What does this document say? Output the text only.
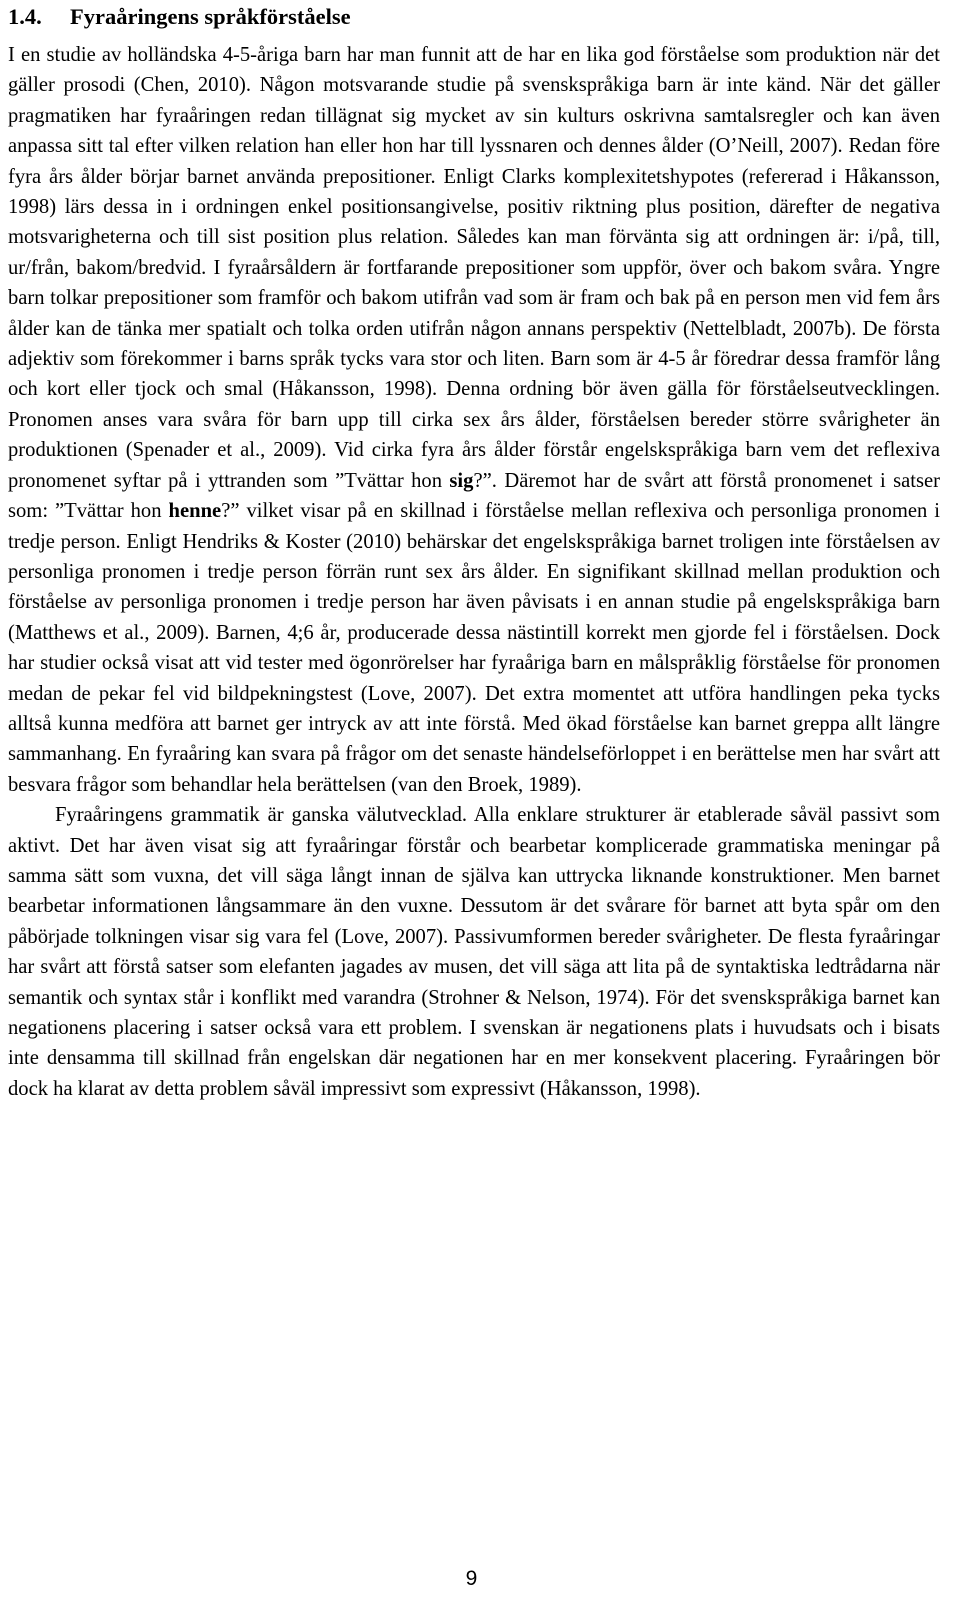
1.4. Fyraåringens språkförståelse

I en studie av holländska 4-5-åriga barn har man funnit att de har en lika god förståelse som produktion när det gäller prosodi (Chen, 2010). Någon motsvarande studie på svenskspråkiga barn är inte känd. När det gäller pragmatiken har fyraåringen redan tillägnat sig mycket av sin kulturs oskrivna samtalsregler och kan även anpassa sitt tal efter vilken relation han eller hon har till lyssnaren och dennes ålder (O’Neill, 2007). Redan före fyra års ålder börjar barnet använda prepositioner. Enligt Clarks komplexitetshypotes (refererad i Håkansson, 1998) lärs dessa in i ordningen enkel positionsangivelse, positiv riktning plus position, därefter de negativa motsvarigheterna och till sist position plus relation. Således kan man förvänta sig att ordningen är: i/på, till, ur/från, bakom/bredvid. I fyraårsåldern är fortfarande prepositioner som uppför, över och bakom svåra. Yngre barn tolkar prepositioner som framför och bakom utifrån vad som är fram och bak på en person men vid fem års ålder kan de tänka mer spatialt och tolka orden utifrån någon annans perspektiv (Nettelbladt, 2007b). De första adjektiv som förekommer i barns språk tycks vara stor och liten. Barn som är 4-5 år föredrar dessa framför lång och kort eller tjock och smal (Håkansson, 1998). Denna ordning bör även gälla för förståelseutvecklingen. Pronomen anses vara svåra för barn upp till cirka sex års ålder, förståelsen bereder större svårigheter än produktionen (Spenader et al., 2009). Vid cirka fyra års ålder förstår engelskspråkiga barn vem det reflexiva pronomenet syftar på i yttranden som ”Tvättar hon sig?”. Däremot har de svårt att förstå pronomenet i satser som: ”Tvättar hon henne?” vilket visar på en skillnad i förståelse mellan reflexiva och personliga pronomen i tredje person. Enligt Hendriks & Koster (2010) behärskar det engelskspråkiga barnet troligen inte förståelsen av personliga pronomen i tredje person förrän runt sex års ålder. En signifikant skillnad mellan produktion och förståelse av personliga pronomen i tredje person har även påvisats i en annan studie på engelskspråkiga barn (Matthews et al., 2009). Barnen, 4;6 år, producerade dessa nästintill korrekt men gjorde fel i förståelsen. Dock har studier också visat att vid tester med ögonrörelser har fyraåriga barn en målspråklig förståelse för pronomen medan de pekar fel vid bildpekningstest (Love, 2007). Det extra momentet att utföra handlingen peka tycks alltså kunna medföra att barnet ger intryck av att inte förstå. Med ökad förståelse kan barnet greppa allt längre sammanhang. En fyraåring kan svara på frågor om det senaste händelseförloppet i en berättelse men har svårt att besvara frågor som behandlar hela berättelsen (van den Broek, 1989).

Fyraåringens grammatik är ganska välutvecklad. Alla enklare strukturer är etablerade såväl passivt som aktivt. Det har även visat sig att fyraåringar förstår och bearbetar komplicerade grammatiska meningar på samma sätt som vuxna, det vill säga långt innan de själva kan uttrycka liknande konstruktioner. Men barnet bearbetar informationen långsammare än den vuxne. Dessutom är det svårare för barnet att byta spår om den påbörjade tolkningen visar sig vara fel (Love, 2007). Passivumformen bereder svårigheter. De flesta fyraåringar har svårt att förstå satser som elefanten jagades av musen, det vill säga att lita på de syntaktiska ledtrådarna när semantik och syntax står i konflikt med varandra (Strohner & Nelson, 1974). För det svenskspråkiga barnet kan negationens placering i satser också vara ett problem. I svenskan är negationens plats i huvudsats och i bisats inte densamma till skillnad från engelskan där negationen har en mer konsekvent placering. Fyraåringen bör dock ha klarat av detta problem såväl impressivt som expressivt (Håkansson, 1998).

9
